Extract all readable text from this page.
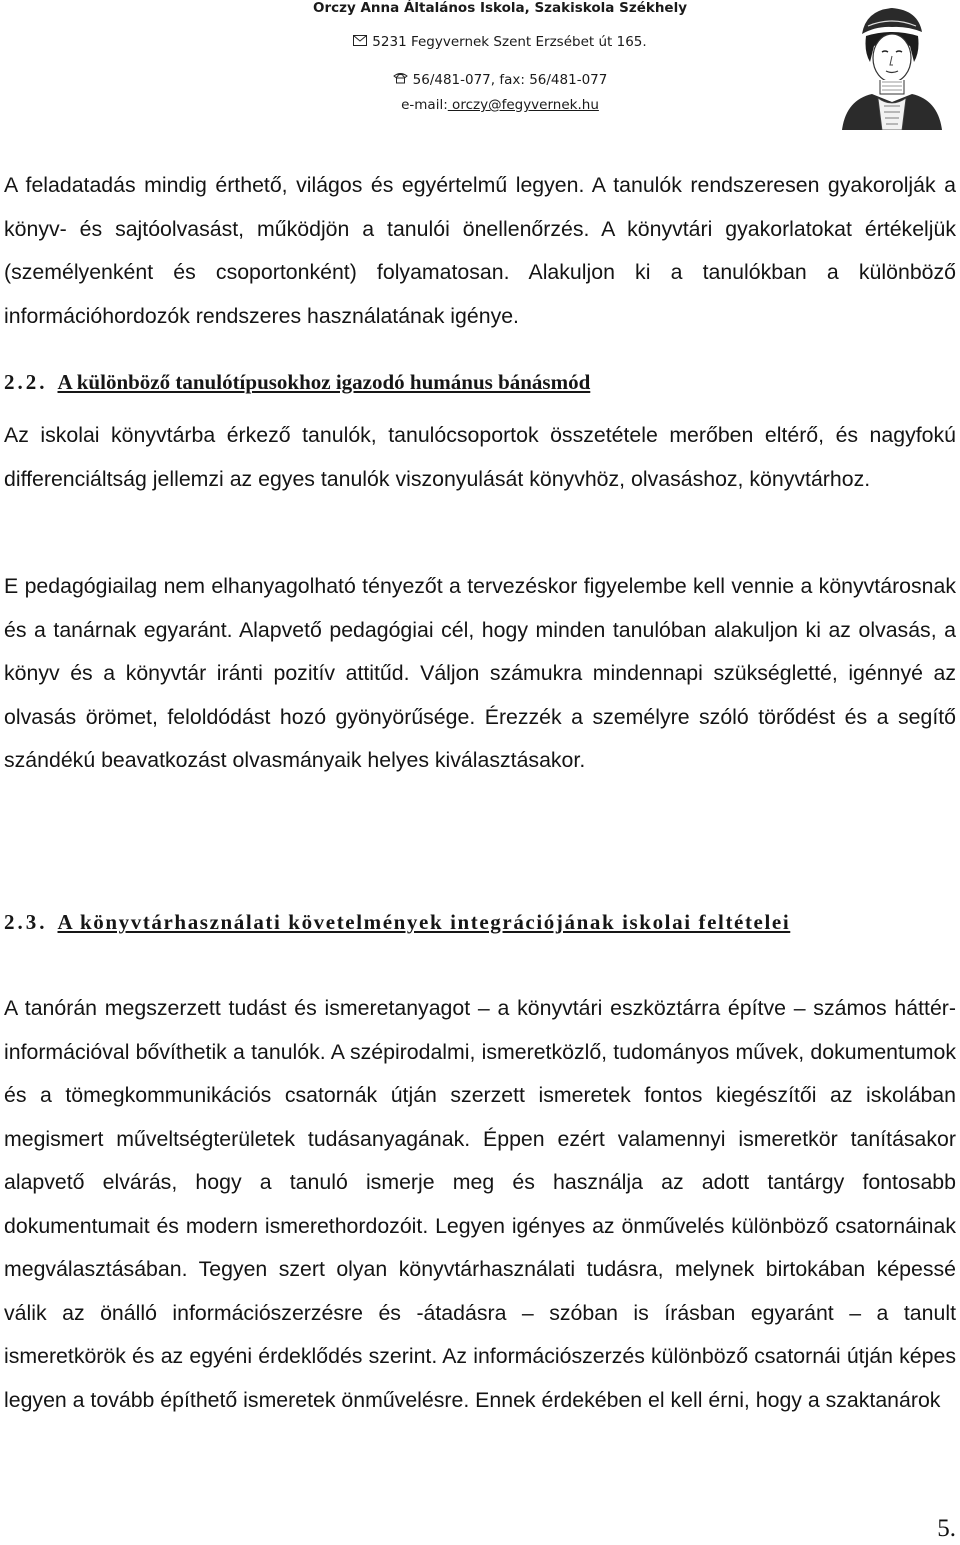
Orczy Anna Általános Iskola, Szakiskola Székhely
5231 Fegyvernek Szent Erzsébet út 165.
56/481-077, fax: 56/481-077
e-mail: orczy@fegyvernek.hu

A feladatadás mindig érthető, világos és egyértelmű legyen. A tanulók rendszeresen gyakorolják a könyv- és sajtóolvasást, működjön a tanulói önellenőrzés. A könyvtári gyakorlatokat értékeljük (személyenként és csoportonként) folyamatosan. Alakuljon ki a tanulókban a különböző információhordozók rendszeres használatának igénye.

2.2. A különböző tanulótípusokhoz igazodó humánus bánásmód

Az iskolai könyvtárba érkező tanulók, tanulócsoportok összetétele merőben eltérő, és nagyfokú differenciáltság jellemzi az egyes tanulók viszonyulását könyvhöz, olvasáshoz, könyvtárhoz.

E pedagógiailag nem elhanyagolható tényezőt a tervezéskor figyelembe kell vennie a könyvtárosnak és a tanárnak egyaránt. Alapvető pedagógiai cél, hogy minden tanulóban alakuljon ki az olvasás, a könyv és a könyvtár iránti pozitív attitűd. Váljon számukra mindennapi szükségletté, igénnyé az olvasás örömet, feloldódást hozó gyönyörűsége. Érezzék a személyre szóló törődést és a segítő szándékú beavatkozást olvasmányaik helyes kiválasztásakor.

2.3. A könyvtárhasználati követelmények integrációjának iskolai feltételei

A tanórán megszerzett tudást és ismeretanyagot – a könyvtári eszköztárra építve – számos háttér-információval bővíthetik a tanulók. A szépirodalmi, ismeretközlő, tudományos művek, dokumentumok és a tömegkommunikációs csatornák útján szerzett ismeretek fontos kiegészítői az iskolában megismert műveltségterületek tudásanyagának. Éppen ezért valamennyi ismeretkör tanításakor alapvető elvárás, hogy a tanuló ismerje meg és használja az adott tantárgy fontosabb dokumentumait és modern ismerethordozóit. Legyen igényes az önművelés különböző csatornáinak megválasztásában. Tegyen szert olyan könyvtárhasználati tudásra, melynek birtokában képessé válik az önálló információszerzésre és -átadásra – szóban is írásban egyaránt – a tanult ismeretkörök és az egyéni érdeklődés szerint. Az információszerzés különböző csatornái útján képes legyen a tovább építhető ismeretek önművelésre. Ennek érdekében el kell érni, hogy a szaktanárok

5.
